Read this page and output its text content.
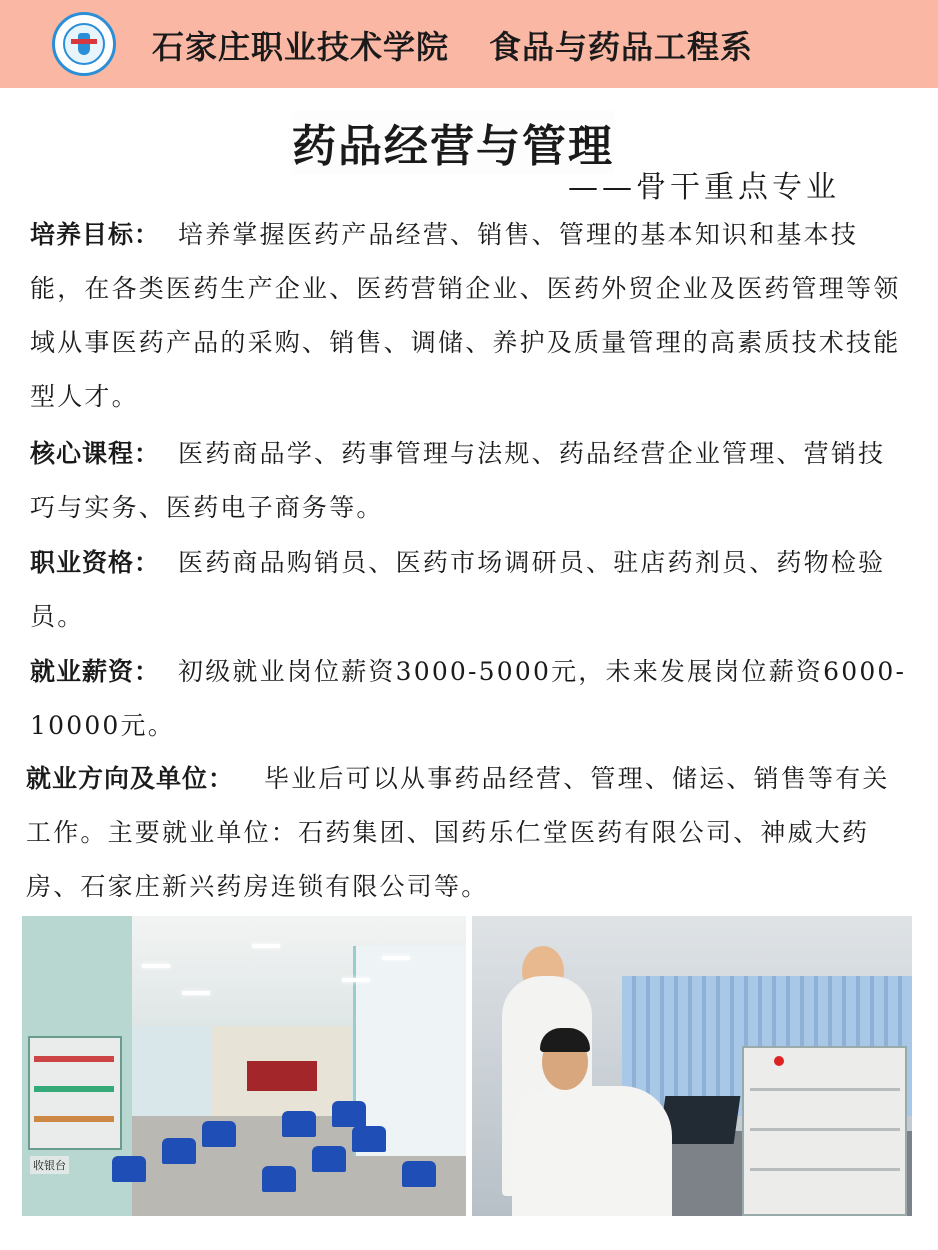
石家庄职业技术学院 食品与药品工程系
药品经营与管理
——骨干重点专业
培养目标： 培养掌握医药产品经营、销售、管理的基本知识和基本技能，在各类医药生产企业、医药营销企业、医药外贸企业及医药管理等领域从事医药产品的采购、销售、调储、养护及质量管理的高素质技术技能型人才。
核心课程： 医药商品学、药事管理与法规、药品经营企业管理、营销技巧与实务、医药电子商务等。
职业资格： 医药商品购销员、医药市场调研员、驻店药剂员、药物检验员。
就业薪资： 初级就业岗位薪资3000-5000元，未来发展岗位薪资6000-10000元。
就业方向及单位： 毕业后可以从事药品经营、管理、储运、销售等有关工作。主要就业单位：石药集团、国药乐仁堂医药有限公司、神威大药房、石家庄新兴药房连锁有限公司等。
收银台
